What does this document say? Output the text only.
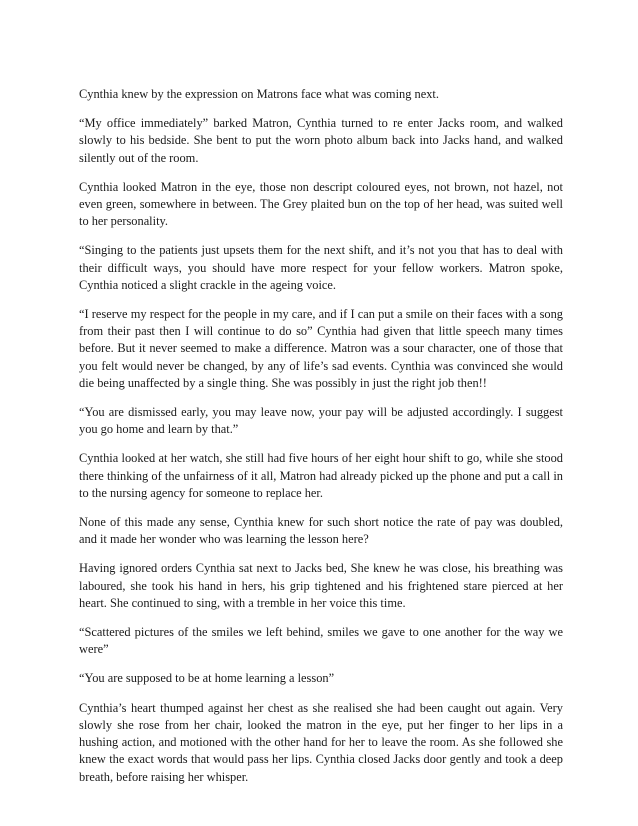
Cynthia knew by the expression on Matrons face what was coming next.

“My office immediately” barked Matron, Cynthia turned to re enter Jacks room, and walked slowly to his bedside. She bent to put the worn photo album back into Jacks hand, and walked silently out of the room.

Cynthia looked Matron in the eye, those non descript coloured eyes, not brown, not hazel, not even green, somewhere in between. The Grey plaited bun on the top of her head, was suited well to her personality.

“Singing to the patients just upsets them for the next shift, and it’s not you that has to deal with their difficult ways, you should have more respect for your fellow workers. Matron spoke, Cynthia noticed a slight crackle in the ageing voice.

“I reserve my respect for the people in my care, and if I can put a smile on their faces with a song from their past then I will continue to do so” Cynthia had given that little speech many times before. But it never seemed to make a difference. Matron was a sour character, one of those that you felt would never be changed, by any of life’s sad events. Cynthia was convinced she would die being unaffected by a single thing. She was possibly in just the right job then!!

“You are dismissed early, you may leave now, your pay will be adjusted accordingly. I suggest you go home and learn by that.”

Cynthia looked at her watch, she still had five hours of her eight hour shift to go, while she stood there thinking of the unfairness of it all, Matron had already picked up the phone and put a call in to the nursing agency for someone to replace her.

None of this made any sense, Cynthia knew for such short notice the rate of pay was doubled, and it made her wonder who was learning the lesson here?

Having ignored orders Cynthia sat next to Jacks bed, She knew he was close, his breathing was laboured, she took his hand in hers, his grip tightened and his frightened stare pierced at her heart. She continued to sing, with a tremble in her voice this time.

“Scattered pictures of the smiles we left behind, smiles we gave to one another for the way we were”

“You are supposed to be at home learning a lesson”

Cynthia’s heart thumped against her chest as she realised she had been caught out again. Very slowly she rose from her chair, looked the matron in the eye, put her finger to her lips in a hushing action, and motioned with the other hand for her to leave the room. As she followed she knew the exact words that would pass her lips. Cynthia closed Jacks door gently and took a deep breath, before raising her whisper.
